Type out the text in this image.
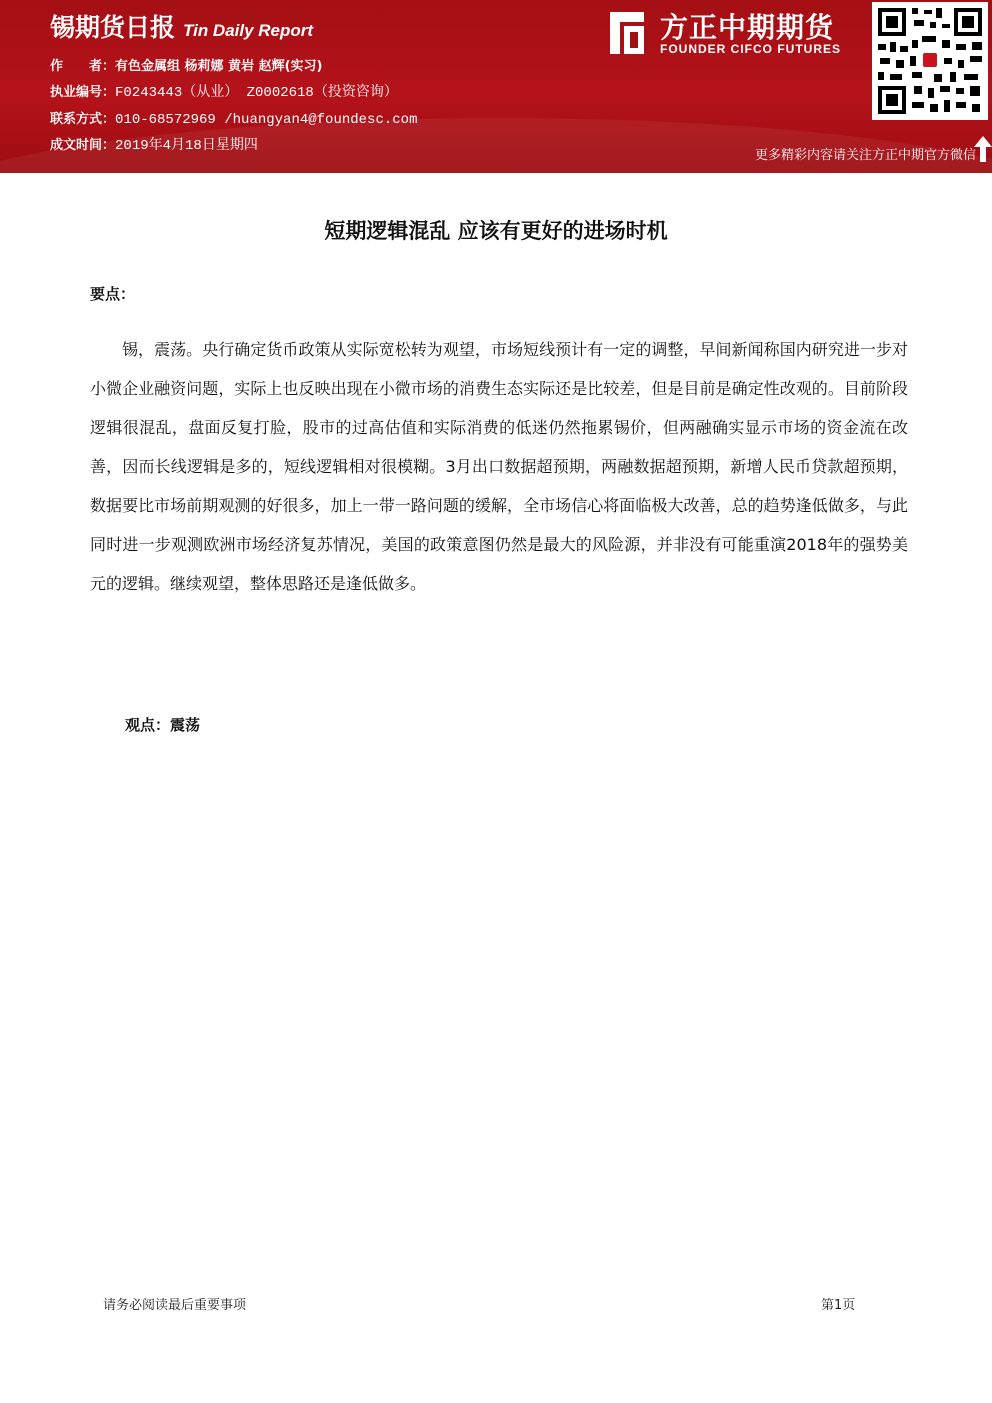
锡期货日报 Tin Daily Report
作　　者：有色金属组 杨莉娜 黄岩 赵辉(实习)
执业编号：F0243443（从业） Z0002618（投资咨询）
联系方式：010-68572969 /huangyan4@foundesc.com
成文时间：2019年4月18日星期四
方正中期期货
FOUNDER CIFCO FUTURES
更多精彩内容请关注方正中期官方微信
短期逻辑混乱 应该有更好的进场时机
要点：
锡，震荡。央行确定货币政策从实际宽松转为观望，市场短线预计有一定的调整，早间新闻称国内研究进一步对小微企业融资问题，实际上也反映出现在小微市场的消费生态实际还是比较差，但是目前是确定性改观的。目前阶段逻辑很混乱，盘面反复打脸，股市的过高估值和实际消费的低迷仍然拖累锡价，但两融确实显示市场的资金流在改善，因而长线逻辑是多的，短线逻辑相对很模糊。3月出口数据超预期，两融数据超预期，新增人民币贷款超预期，数据要比市场前期观测的好很多，加上一带一路问题的缓解，全市场信心将面临极大改善，总的趋势逢低做多，与此同时进一步观测欧洲市场经济复苏情况，美国的政策意图仍然是最大的风险源，并非没有可能重演2018年的强势美元的逻辑。继续观望，整体思路还是逢低做多。
观点：震荡
请务必阅读最后重要事项	第1页
